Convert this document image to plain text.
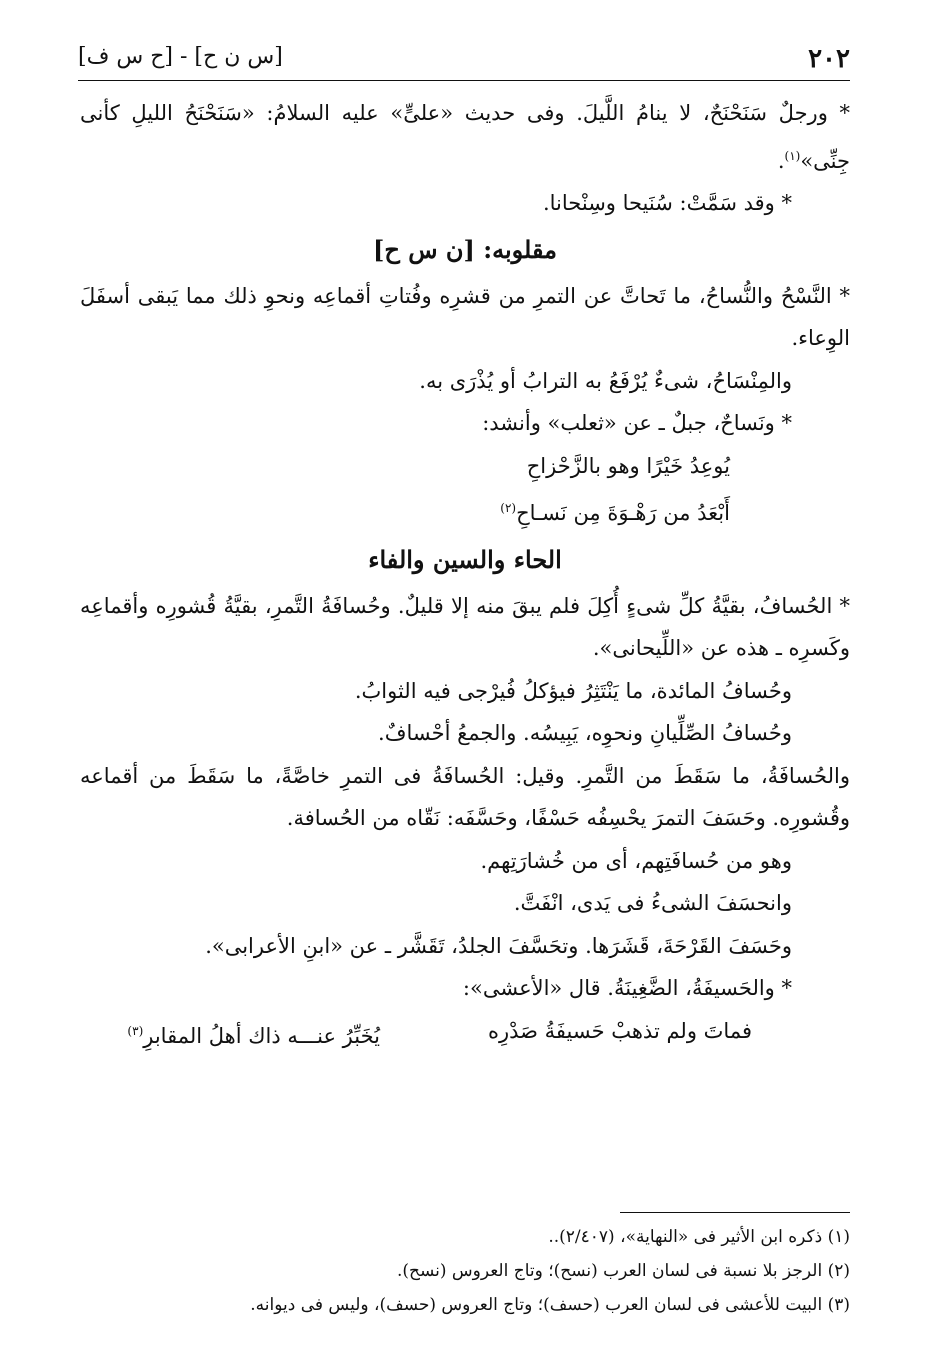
٢٠٢
[س ن ح] - [ح س ف]

* ورجلٌ سَنَحْنَحٌ، لا ينامُ اللَّيلَ. وفى حديث «علىٍّ» عليه السلامُ: «سَنَحْنَحُ الليلِ كأنى جِنِّى»$^{(١)}$.

* وقد سَمَّتْ: سُنَيحا وسِنْحانا.

مقلوبه: [ن س ح]

* النَّسْحُ والنُّساحُ، ما تَحاتَّ عن التمرِ من قشرِه وفُتاتِ أقماعِه ونحوِ ذلك مما يَبقى أسفَلَ الوِعاء.

والمِنْسَاحُ، شىءٌ يُرْفَعُ به الترابُ أو يُذْرَى به.

* ونَساحٌ، جبلٌ ـ عن «ثعلب» وأنشد:

يُوعِدُ خَيْرًا وهو بالزَّحْزاحِ

أَبْعَدُ من رَهْـوَةَ مِن نَسـاحِ$^{(٢)}$

الحاء والسين والفاء

* الحُسافُ، بقيَّةُ كلِّ شىءٍ أُكِلَ فلم يبقَ منه إلا قليلٌ. وحُسافَةُ التَّمرِ، بقيَّةُ قُشورِه وأقماعِه وكَسرِه ـ هذه عن «اللِّيحانى».

وحُسافُ المائدة، ما يَنْتَثِرُ فيؤكلُ فُيرْجى فيه الثوابُ.

وحُسافُ الصِّلِّيانِ ونحوِه، يَبِيسُه. والجمعُ أحْسافٌ.

والحُسافَةُ، ما سَقَطَ من التَّمرِ. وقيل: الحُسافَةُ فى التمرِ خاصَّةً، ما سَقَطَ من أقماعه وقُشورِه. وحَسَفَ التمرَ يحْسِفُه حَسْفًا، وحَسَّفَه: نَقّاه من الحُسافة.

وهو من حُسافَتِهم، أى من خُشارَتِهم.

وانحسَفَ الشىءُ فى يَدى، انْفَتَّ.

وحَسَفَ القَرْحَةَ، قَشَرَها. وتحَسَّفَ الجلدُ، تَقَشَّر ـ عن «ابنِ الأعرابى».

* والحَسيفَةُ، الضَّغِينَةُ. قال «الأعشى»:

فماتَ ولم تذهبْ حَسيفَةُ صَدْرِه
يُخَبِّرُ عنـــه ذاك أهلُ المقابرِ$^{(٣)}$

(١) ذكره ابن الأثير فى «النهاية»، (٢/٤٠٧)..

(٢) الرجز بلا نسبة فى لسان العرب (نسح)؛ وتاج العروس (نسح).

(٣) البيت للأعشى فى لسان العرب (حسف)؛ وتاج العروس (حسف)، وليس فى ديوانه.
